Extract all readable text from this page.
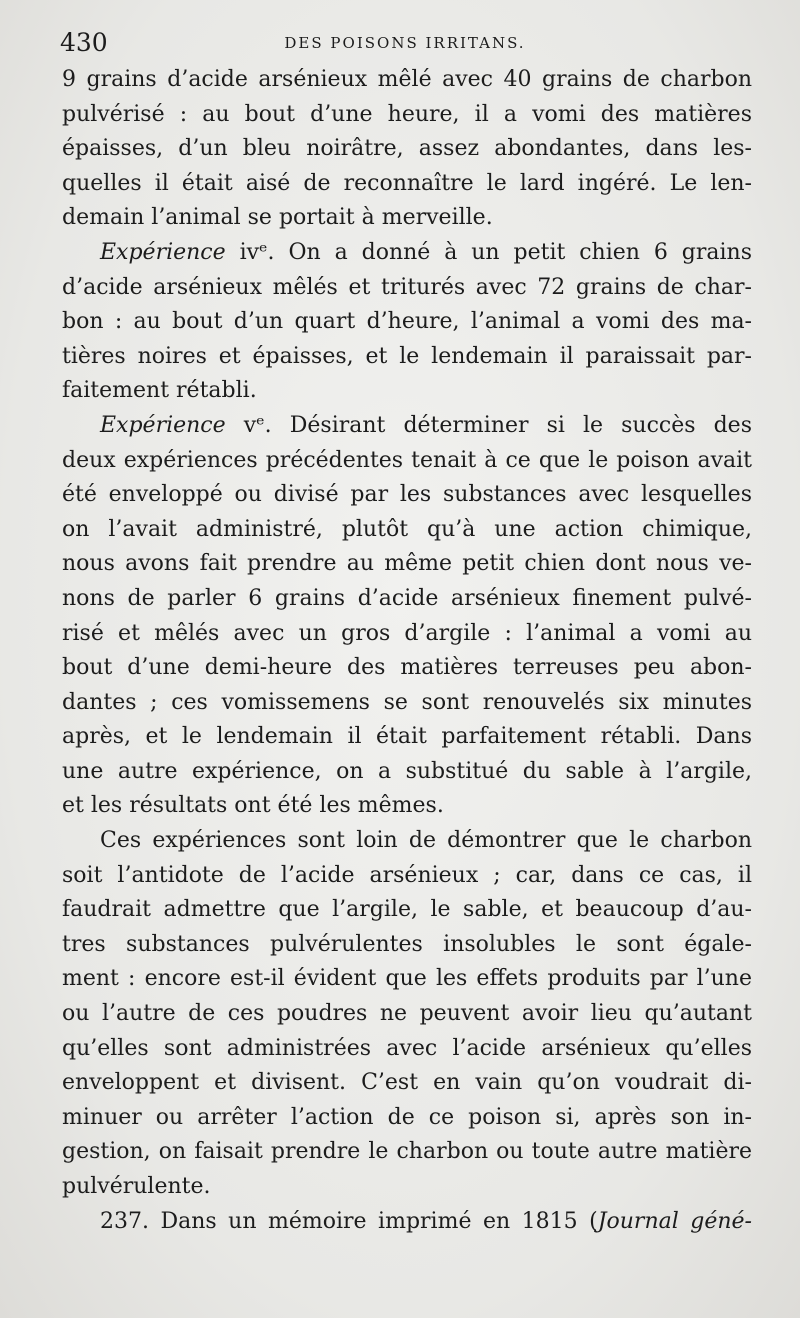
430	DES POISONS IRRITANS.
9 grains d’acide arsénieux mêlé avec 40 grains de charbon
pulvérisé : au bout d’une heure, il a vomi des matières
épaisses, d’un bleu noirâtre, assez abondantes, dans les-
quelles il était aisé de reconnaître le lard ingéré. Le len-
demain l’animal se portait à merveille.
Expérience ivᵉ. On a donné à un petit chien 6 grains
d’acide arsénieux mêlés et triturés avec 72 grains de char-
bon : au bout d’un quart d’heure, l’animal a vomi des ma-
tières noires et épaisses, et le lendemain il paraissait par-
faitement rétabli.
Expérience vᵉ. Désirant déterminer si le succès des
deux expériences précédentes tenait à ce que le poison avait
été enveloppé ou divisé par les substances avec lesquelles
on l’avait administré, plutôt qu’à une action chimique,
nous avons fait prendre au même petit chien dont nous ve-
nons de parler 6 grains d’acide arsénieux finement pulvé-
risé et mêlés avec un gros d’argile : l’animal a vomi au
bout d’une demi-heure des matières terreuses peu abon-
dantes ; ces vomissemens se sont renouvelés six minutes
après, et le lendemain il était parfaitement rétabli. Dans
une autre expérience, on a substitué du sable à l’argile,
et les résultats ont été les mêmes.
Ces expériences sont loin de démontrer que le charbon
soit l’antidote de l’acide arsénieux ; car, dans ce cas, il
faudrait admettre que l’argile, le sable, et beaucoup d’au-
tres substances pulvérulentes insolubles le sont égale-
ment : encore est-il évident que les effets produits par l’une
ou l’autre de ces poudres ne peuvent avoir lieu qu’autant
qu’elles sont administrées avec l’acide arsénieux qu’elles
enveloppent et divisent. C’est en vain qu’on voudrait di-
minuer ou arrêter l’action de ce poison si, après son in-
gestion, on faisait prendre le charbon ou toute autre matière
pulvérulente.
237. Dans un mémoire imprimé en 1815 (Journal géné-
